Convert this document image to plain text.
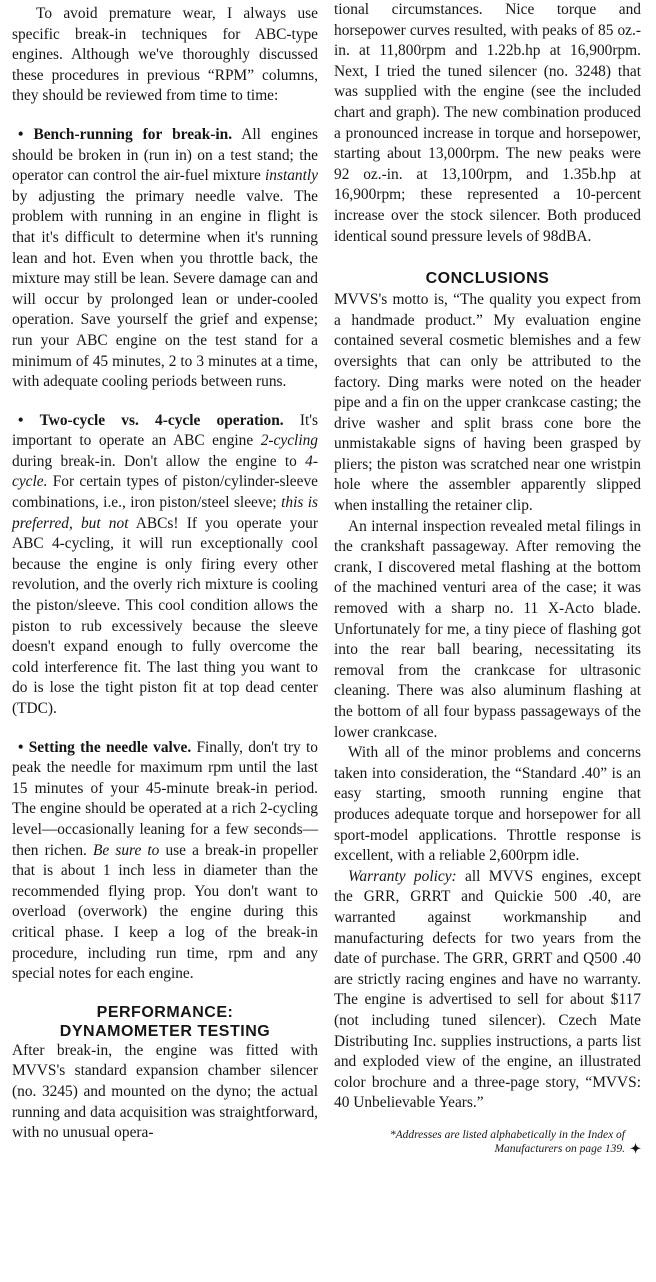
To avoid premature wear, I always use specific break-in techniques for ABC-type engines. Although we've thoroughly discussed these procedures in previous “RPM” columns, they should be reviewed from time to time:

• Bench-running for break-in. All engines should be broken in (run in) on a test stand; the operator can control the air-fuel mixture instantly by adjusting the primary needle valve. The problem with running in an engine in flight is that it's difficult to determine when it's running lean and hot. Even when you throttle back, the mixture may still be lean. Severe damage can and will occur by prolonged lean or under-cooled operation. Save yourself the grief and expense; run your ABC engine on the test stand for a minimum of 45 minutes, 2 to 3 minutes at a time, with adequate cooling periods between runs.

• Two-cycle vs. 4-cycle operation. It's important to operate an ABC engine 2-cycling during break-in. Don't allow the engine to 4-cycle. For certain types of piston/cylinder-sleeve combinations, i.e., iron piston/steel sleeve; this is preferred, but not ABCs! If you operate your ABC 4-cycling, it will run exceptionally cool because the engine is only firing every other revolution, and the overly rich mixture is cooling the piston/sleeve. This cool condition allows the piston to rub excessively because the sleeve doesn't expand enough to fully overcome the cold interference fit. The last thing you want to do is lose the tight piston fit at top dead center (TDC).

• Setting the needle valve. Finally, don't try to peak the needle for maximum rpm until the last 15 minutes of your 45-minute break-in period. The engine should be operated at a rich 2-cycling level—occasionally leaning for a few seconds—then richen. Be sure to use a break-in propeller that is about 1 inch less in diameter than the recommended flying prop. You don't want to overload (overwork) the engine during this critical phase. I keep a log of the break-in procedure, including run time, rpm and any special notes for each engine.

PERFORMANCE:
DYNAMOMETER TESTING

After break-in, the engine was fitted with MVVS's standard expansion chamber silencer (no. 3245) and mounted on the dyno; the actual running and data acquisition was straightforward, with no unusual opera-

tional circumstances. Nice torque and horsepower curves resulted, with peaks of 85 oz.-in. at 11,800rpm and 1.22b.hp at 16,900rpm. Next, I tried the tuned silencer (no. 3248) that was supplied with the engine (see the included chart and graph). The new combination produced a pronounced increase in torque and horsepower, starting about 13,000rpm. The new peaks were 92 oz.-in. at 13,100rpm, and 1.35b.hp at 16,900rpm; these represented a 10-percent increase over the stock silencer. Both produced identical sound pressure levels of 98dBA.

CONCLUSIONS

MVVS's motto is, “The quality you expect from a handmade product.” My evaluation engine contained several cosmetic blemishes and a few oversights that can only be attributed to the factory. Ding marks were noted on the header pipe and a fin on the upper crankcase casting; the drive washer and split brass cone bore the unmistakable signs of having been grasped by pliers; the piston was scratched near one wristpin hole where the assembler apparently slipped when installing the retainer clip.

An internal inspection revealed metal filings in the crankshaft passageway. After removing the crank, I discovered metal flashing at the bottom of the machined venturi area of the case; it was removed with a sharp no. 11 X-Acto blade. Unfortunately for me, a tiny piece of flashing got into the rear ball bearing, necessitating its removal from the crankcase for ultrasonic cleaning. There was also aluminum flashing at the bottom of all four bypass passageways of the lower crankcase.

With all of the minor problems and concerns taken into consideration, the “Standard .40” is an easy starting, smooth running engine that produces adequate torque and horsepower for all sport-model applications. Throttle response is excellent, with a reliable 2,600rpm idle.

Warranty policy: all MVVS engines, except the GRR, GRRT and Quickie 500 .40, are warranted against workmanship and manufacturing defects for two years from the date of purchase. The GRR, GRRT and Q500 .40 are strictly racing engines and have no warranty. The engine is advertised to sell for about $117 (not including tuned silencer). Czech Mate Distributing Inc. supplies instructions, a parts list and exploded view of the engine, an illustrated color brochure and a three-page story, “MVVS: 40 Unbelievable Years.”

*Addresses are listed alphabetically in the Index of Manufacturers on page 139. ✦
